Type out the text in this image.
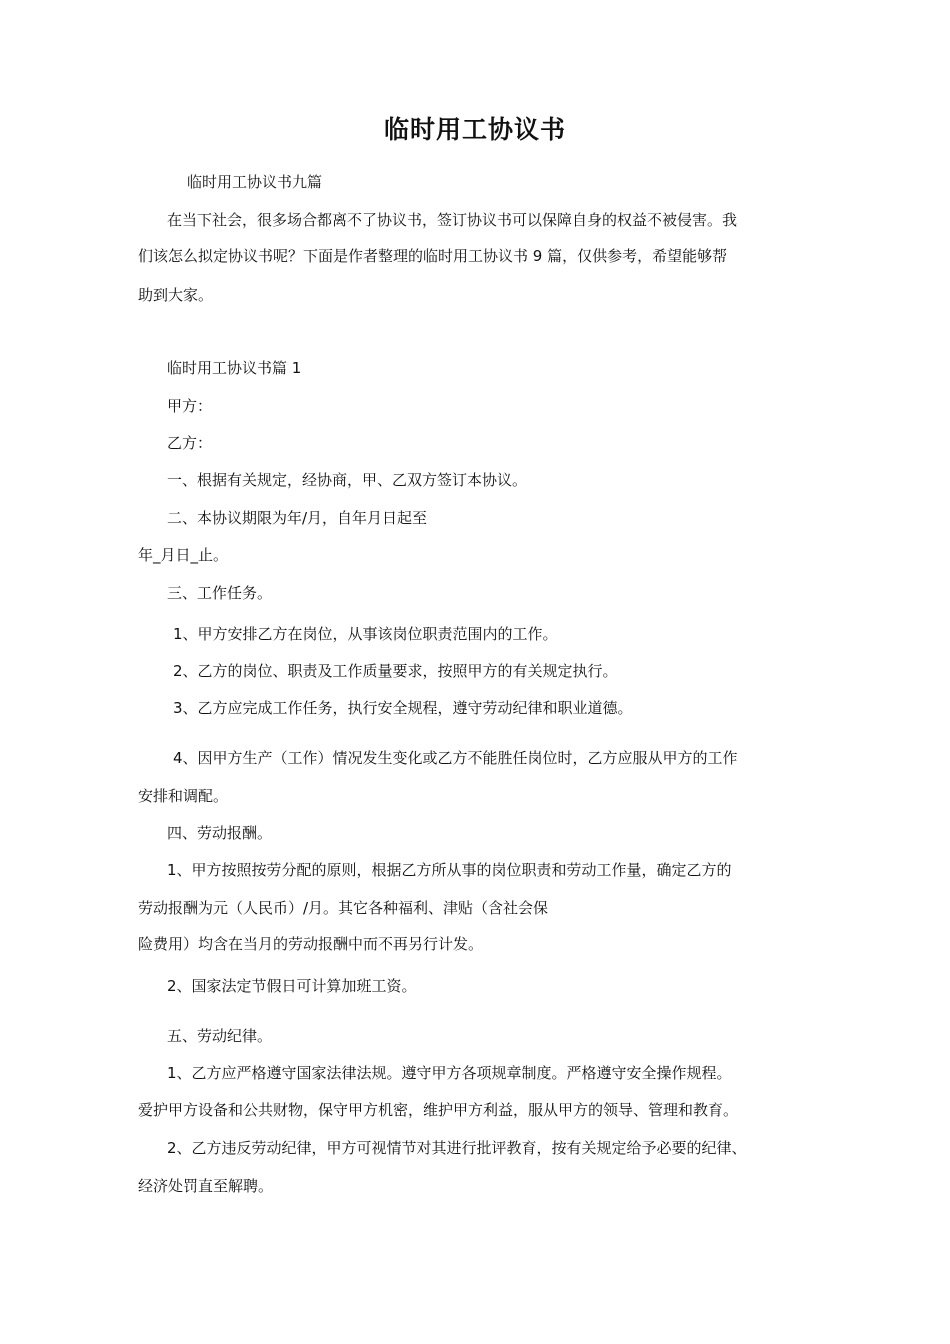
临时用工协议书
临时用工协议书九篇
在当下社会，很多场合都离不了协议书，签订协议书可以保障自身的权益不被侵害。我
们该怎么拟定协议书呢？下面是作者整理的临时用工协议书 9 篇，仅供参考，希望能够帮
助到大家。
临时用工协议书篇 1
甲方：
乙方：
一、根据有关规定，经协商，甲、乙双方签订本协议。
二、本协议期限为年/月，自年月日起至
年_月日_止。
三、工作任务。
1、甲方安排乙方在岗位，从事该岗位职责范围内的工作。
2、乙方的岗位、职责及工作质量要求，按照甲方的有关规定执行。
3、乙方应完成工作任务，执行安全规程，遵守劳动纪律和职业道德。
4、因甲方生产（工作）情况发生变化或乙方不能胜任岗位时，乙方应服从甲方的工作
安排和调配。
四、劳动报酬。
1、甲方按照按劳分配的原则，根据乙方所从事的岗位职责和劳动工作量，确定乙方的
劳动报酬为元（人民币）/月。其它各种福利、津贴（含社会保
险费用）均含在当月的劳动报酬中而不再另行计发。
2、国家法定节假日可计算加班工资。
五、劳动纪律。
1、乙方应严格遵守国家法律法规。遵守甲方各项规章制度。严格遵守安全操作规程。
爱护甲方设备和公共财物，保守甲方机密，维护甲方利益，服从甲方的领导、管理和教育。
2、乙方违反劳动纪律，甲方可视情节对其进行批评教育，按有关规定给予必要的纪律、
经济处罚直至解聘。
